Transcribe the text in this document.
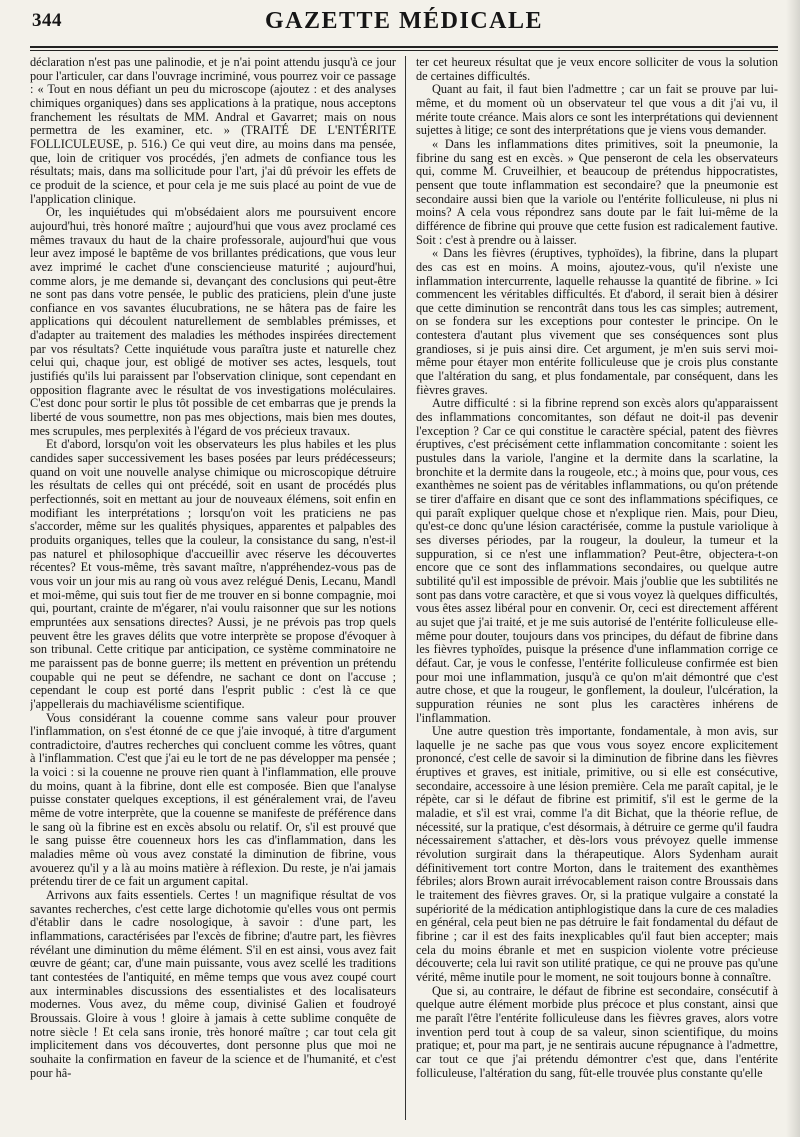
344	GAZETTE MÉDICALE

déclaration n'est pas une palinodie, et je n'ai point attendu jusqu'à ce jour pour l'articuler, car dans l'ouvrage incriminé, vous pourrez voir ce passage : « Tout en nous défiant un peu du microscope (ajoutez : et des analyses chimiques organiques) dans ses applications à la pratique, nous acceptons franchement les résultats de MM. Andral et Gavarret; mais on nous permettra de les examiner, etc. » (TRAITÉ DE L'ENTÉRITE FOLLICULEUSE, p. 516.) Ce qui veut dire, au moins dans ma pensée, que, loin de critiquer vos procédés, j'en admets de confiance tous les résultats; mais, dans ma sollicitude pour l'art, j'ai dû prévoir les effets de ce produit de la science, et pour cela je me suis placé au point de vue de l'application clinique.

Or, les inquiétudes qui m'obsédaient alors me poursuivent encore aujourd'hui, très honoré maître ; aujourd'hui que vous avez proclamé ces mêmes travaux du haut de la chaire professorale, aujourd'hui que vous leur avez imposé le baptême de vos brillantes prédications, que vous leur avez imprimé le cachet d'une consciencieuse maturité ; aujourd'hui, comme alors, je me demande si, devançant des conclusions qui peut-être ne sont pas dans votre pensée, le public des praticiens, plein d'une juste confiance en vos savantes élucubrations, ne se hâtera pas de faire les applications qui découlent naturellement de semblables prémisses, et d'adapter au traitement des maladies les méthodes inspirées directement par vos résultats? Cette inquiétude vous paraîtra juste et naturelle chez celui qui, chaque jour, est obligé de motiver ses actes, lesquels, tout justifiés qu'ils lui paraissent par l'observation clinique, sont cependant en opposition flagrante avec le résultat de vos investigations moléculaires. C'est donc pour sortir le plus tôt possible de cet embarras que je prends la liberté de vous soumettre, non pas mes objections, mais bien mes doutes, mes scrupules, mes perplexités à l'égard de vos précieux travaux.

Et d'abord, lorsqu'on voit les observateurs les plus habiles et les plus candides saper successivement les bases posées par leurs prédécesseurs; quand on voit une nouvelle analyse chimique ou microscopique détruire les résultats de celles qui ont précédé, soit en usant de procédés plus perfectionnés, soit en mettant au jour de nouveaux élémens, soit enfin en modifiant les interprétations ; lorsqu'on voit les praticiens ne pas s'accorder, même sur les qualités physiques, apparentes et palpables des produits organiques, telles que la couleur, la consistance du sang, n'est-il pas naturel et philosophique d'accueillir avec réserve les découvertes récentes? Et vous-même, très savant maître, n'appréhendez-vous pas de vous voir un jour mis au rang où vous avez relégué Denis, Lecanu, Mandl et moi-même, qui suis tout fier de me trouver en si bonne compagnie, moi qui, pourtant, crainte de m'égarer, n'ai voulu raisonner que sur les notions empruntées aux sensations directes? Aussi, je ne prévois pas trop quels peuvent être les graves délits que votre interprète se propose d'évoquer à son tribunal. Cette critique par anticipation, ce système comminatoire ne me paraissent pas de bonne guerre; ils mettent en prévention un prétendu coupable qui ne peut se défendre, ne sachant ce dont on l'accuse ; cependant le coup est porté dans l'esprit public : c'est là ce que j'appellerais du machiavélisme scientifique.

Vous considérant la couenne comme sans valeur pour prouver l'inflammation, on s'est étonné de ce que j'aie invoqué, à titre d'argument contradictoire, d'autres recherches qui concluent comme les vôtres, quant à l'inflammation. C'est que j'ai eu le tort de ne pas développer ma pensée ; la voici : si la couenne ne prouve rien quant à l'inflammation, elle prouve du moins, quant à la fibrine, dont elle est composée. Bien que l'analyse puisse constater quelques exceptions, il est généralement vrai, de l'aveu même de votre interprète, que la couenne se manifeste de préférence dans le sang où la fibrine est en excès absolu ou relatif. Or, s'il est prouvé que le sang puisse être couenneux hors les cas d'inflammation, dans les maladies même où vous avez constaté la diminution de fibrine, vous avouerez qu'il y a là au moins matière à réflexion. Du reste, je n'ai jamais prétendu tirer de ce fait un argument capital.

Arrivons aux faits essentiels. Certes ! un magnifique résultat de vos savantes recherches, c'est cette large dichotomie qu'elles vous ont permis d'établir dans le cadre nosologique, à savoir : d'une part, les inflammations, caractérisées par l'excès de fibrine; d'autre part, les fièvres révélant une diminution du même élément. S'il en est ainsi, vous avez fait œuvre de géant; car, d'une main puissante, vous avez scellé les traditions tant contestées de l'antiquité, en même temps que vous avez coupé court aux interminables discussions des essentialistes et des localisateurs modernes. Vous avez, du même coup, divinisé Galien et foudroyé Broussais. Gloire à vous ! gloire à jamais à cette sublime conquête de notre siècle ! Et cela sans ironie, très honoré maître ; car tout cela git implicitement dans vos découvertes, dont personne plus que moi ne souhaite la confirmation en faveur de la science et de l'humanité, et c'est pour hâ-

ter cet heureux résultat que je veux encore solliciter de vous la solution de certaines difficultés.

Quant au fait, il faut bien l'admettre ; car un fait se prouve par lui-même, et du moment où un observateur tel que vous a dit j'ai vu, il mérite toute créance. Mais alors ce sont les interprétations qui deviennent sujettes à litige; ce sont des interprétations que je viens vous demander.

« Dans les inflammations dites primitives, soit la pneumonie, la fibrine du sang est en excès. » Que penseront de cela les observateurs qui, comme M. Cruveilhier, et beaucoup de prétendus hippocratistes, pensent que toute inflammation est secondaire? que la pneumonie est secondaire aussi bien que la variole ou l'entérite folliculeuse, ni plus ni moins? A cela vous répondrez sans doute par le fait lui-même de la différence de fibrine qui prouve que cette fusion est radicalement fautive. Soit : c'est à prendre ou à laisser.

« Dans les fièvres (éruptives, typhoïdes), la fibrine, dans la plupart des cas est en moins. A moins, ajoutez-vous, qu'il n'existe une inflammation intercurrente, laquelle rehausse la quantité de fibrine. » Ici commencent les véritables difficultés. Et d'abord, il serait bien à désirer que cette diminution se rencontrât dans tous les cas simples; autrement, on se fondera sur les exceptions pour contester le principe. On le contestera d'autant plus vivement que ses conséquences sont plus grandioses, si je puis ainsi dire. Cet argument, je m'en suis servi moi-même pour étayer mon entérite folliculeuse que je crois plus constante que l'altération du sang, et plus fondamentale, par conséquent, dans les fièvres graves.

Autre difficulté : si la fibrine reprend son excès alors qu'apparaissent des inflammations concomitantes, son défaut ne doit-il pas devenir l'exception ? Car ce qui constitue le caractère spécial, patent des fièvres éruptives, c'est précisément cette inflammation concomitante : soient les pustules dans la variole, l'angine et la dermite dans la scarlatine, la bronchite et la dermite dans la rougeole, etc.; à moins que, pour vous, ces exanthèmes ne soient pas de véritables inflammations, ou qu'on prétende se tirer d'affaire en disant que ce sont des inflammations spécifiques, ce qui paraît expliquer quelque chose et n'explique rien. Mais, pour Dieu, qu'est-ce donc qu'une lésion caractérisée, comme la pustule variolique à ses diverses périodes, par la rougeur, la douleur, la tumeur et la suppuration, si ce n'est une inflammation? Peut-être, objectera-t-on encore que ce sont des inflammations secondaires, ou quelque autre subtilité qu'il est impossible de prévoir. Mais j'oublie que les subtilités ne sont pas dans votre caractère, et que si vous voyez là quelques difficultés, vous êtes assez libéral pour en convenir. Or, ceci est directement afférent au sujet que j'ai traité, et je me suis autorisé de l'entérite folliculeuse elle-même pour douter, toujours dans vos principes, du défaut de fibrine dans les fièvres typhoïdes, puisque la présence d'une inflammation corrige ce défaut. Car, je vous le confesse, l'entérite folliculeuse confirmée est bien pour moi une inflammation, jusqu'à ce qu'on m'ait démontré que c'est autre chose, et que la rougeur, le gonflement, la douleur, l'ulcération, la suppuration réunies ne sont plus les caractères inhérens de l'inflammation.

Une autre question très importante, fondamentale, à mon avis, sur laquelle je ne sache pas que vous vous soyez encore explicitement prononcé, c'est celle de savoir si la diminution de fibrine dans les fièvres éruptives et graves, est initiale, primitive, ou si elle est consécutive, secondaire, accessoire à une lésion première. Cela me paraît capital, je le répète, car si le défaut de fibrine est primitif, s'il est le germe de la maladie, et s'il est vrai, comme l'a dit Bichat, que la théorie reflue, de nécessité, sur la pratique, c'est désormais, à détruire ce germe qu'il faudra nécessairement s'attacher, et dès-lors vous prévoyez quelle immense révolution surgirait dans la thérapeutique. Alors Sydenham aurait définitivement tort contre Morton, dans le traitement des exanthèmes fébriles; alors Brown aurait irrévocablement raison contre Broussais dans le traitement des fièvres graves. Or, si la pratique vulgaire a constaté la supériorité de la médication antiphlogistique dans la cure de ces maladies en général, cela peut bien ne pas détruire le fait fondamental du défaut de fibrine ; car il est des faits inexplicables qu'il faut bien accepter; mais cela du moins ébranle et met en suspicion violente votre précieuse découverte; cela lui ravit son utilité pratique, ce qui ne prouve pas qu'une vérité, même inutile pour le moment, ne soit toujours bonne à connaître.

Que si, au contraire, le défaut de fibrine est secondaire, consécutif à quelque autre élément morbide plus précoce et plus constant, ainsi que me paraît l'être l'entérite folliculeuse dans les fièvres graves, alors votre invention perd tout à coup de sa valeur, sinon scientifique, du moins pratique; et, pour ma part, je ne sentirais aucune répugnance à l'admettre, car tout ce que j'ai prétendu démontrer c'est que, dans l'entérite folliculeuse, l'altération du sang, fût-elle trouvée plus constante qu'elle
